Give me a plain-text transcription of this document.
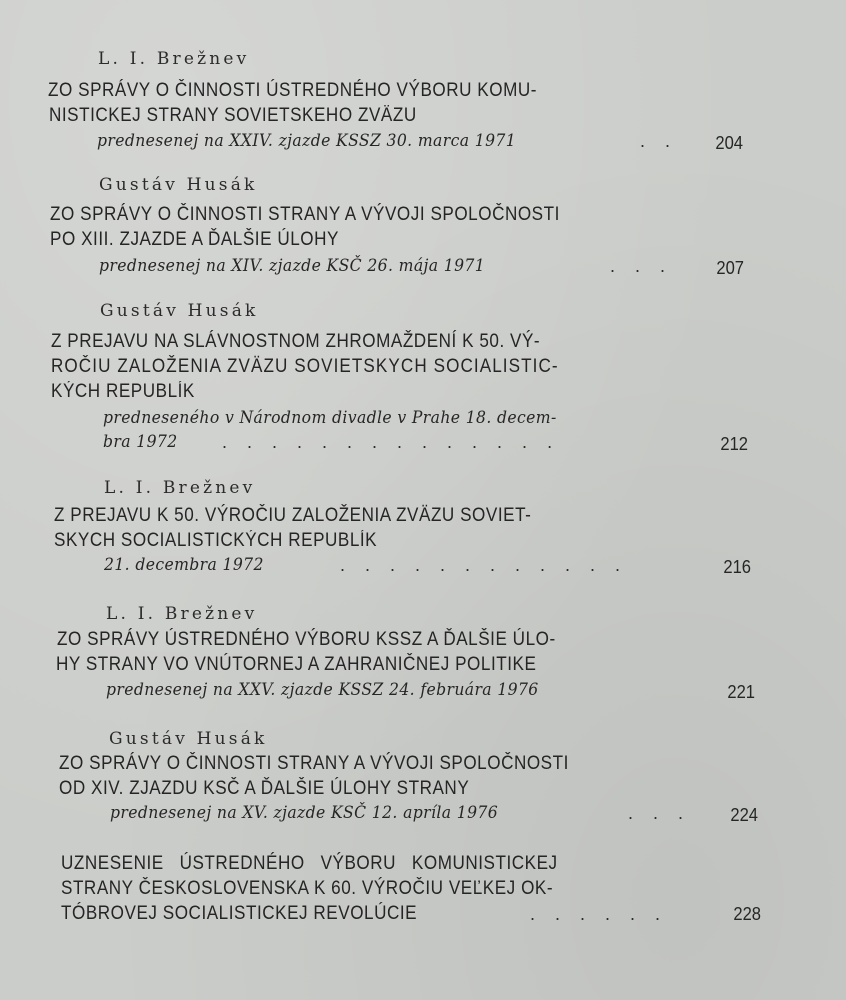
L. I. Brežnev
ZO SPRÁVY O ČINNOSTI ÚSTREDNÉHO VÝBORU KOMU-
NISTICKEJ STRANY SOVIETSKEHO ZVÄZU
prednesenej na XXIV. zjazde KSSZ 30. marca 1971	.    .	204
Gustáv Husák
ZO SPRÁVY O ČINNOSTI STRANY A VÝVOJI SPOLOČNOSTI
PO XIII. ZJAZDE A ĎALŠIE ÚLOHY
prednesenej na XIV. zjazde KSČ 26. mája 1971	.    .    .	207
Gustáv Husák
Z PREJAVU NA SLÁVNOSTNOM ZHROMAŽDENÍ K 50. VÝ-
ROČIU ZALOŽENIA ZVÄZU SOVIETSKYCH SOCIALISTIC-
KÝCH REPUBLÍK
predneseného v Národnom divadle v Prahe 18. decem-
bra 1972 .    .    .    .    .    .    .    .    .    .    .    .    .    .	212
L. I. Brežnev
Z PREJAVU K 50. VÝROČIU ZALOŽENIA ZVÄZU SOVIET-
SKYCH SOCIALISTICKÝCH REPUBLÍK
21. decembra 1972	.    .    .    .    .    .    .    .    .    .    .    .	216
L. I. Brežnev
ZO SPRÁVY ÚSTREDNÉHO VÝBORU KSSZ A ĎALŠIE ÚLO-
HY STRANY VO VNÚTORNEJ A ZAHRANIČNEJ POLITIKE
prednesenej na XXV. zjazde KSSZ 24. februára 1976	221
Gustáv Husák
ZO SPRÁVY O ČINNOSTI STRANY A VÝVOJI SPOLOČNOSTI
OD XIV. ZJAZDU KSČ A ĎALŠIE ÚLOHY STRANY
prednesenej na XV. zjazde KSČ 12. apríla 1976	.    .    .	224
UZNESENIE   ÚSTREDNÉHO   VÝBORU   KOMUNISTICKEJ
STRANY ČESKOSLOVENSKA K 60. VÝROČIU VEĽKEJ OK-
TÓBROVEJ SOCIALISTICKEJ REVOLÚCIE	.    .    .    .    .    .	228
